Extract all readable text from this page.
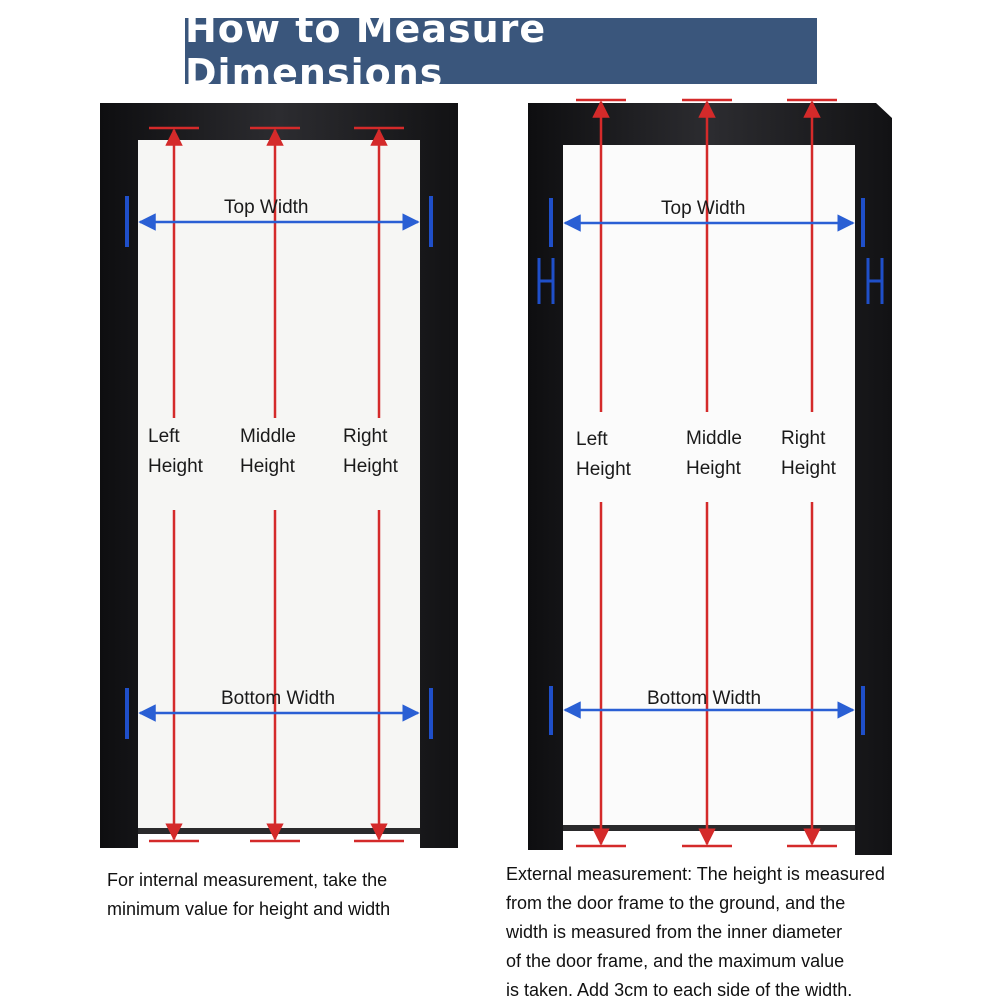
How to Measure Dimensions
Top Width
Bottom Width
Left
Height
Middle
Height
Right
Height
For internal measurement, take the
minimum value for height and width
Top Width
Bottom Width
Left
Height
Middle
Height
Right
Height
External measurement: The height is measured
from the door frame to the ground, and the
width is measured from the inner diameter
of the door frame, and the maximum value
is taken. Add 3cm to each side of the width.
